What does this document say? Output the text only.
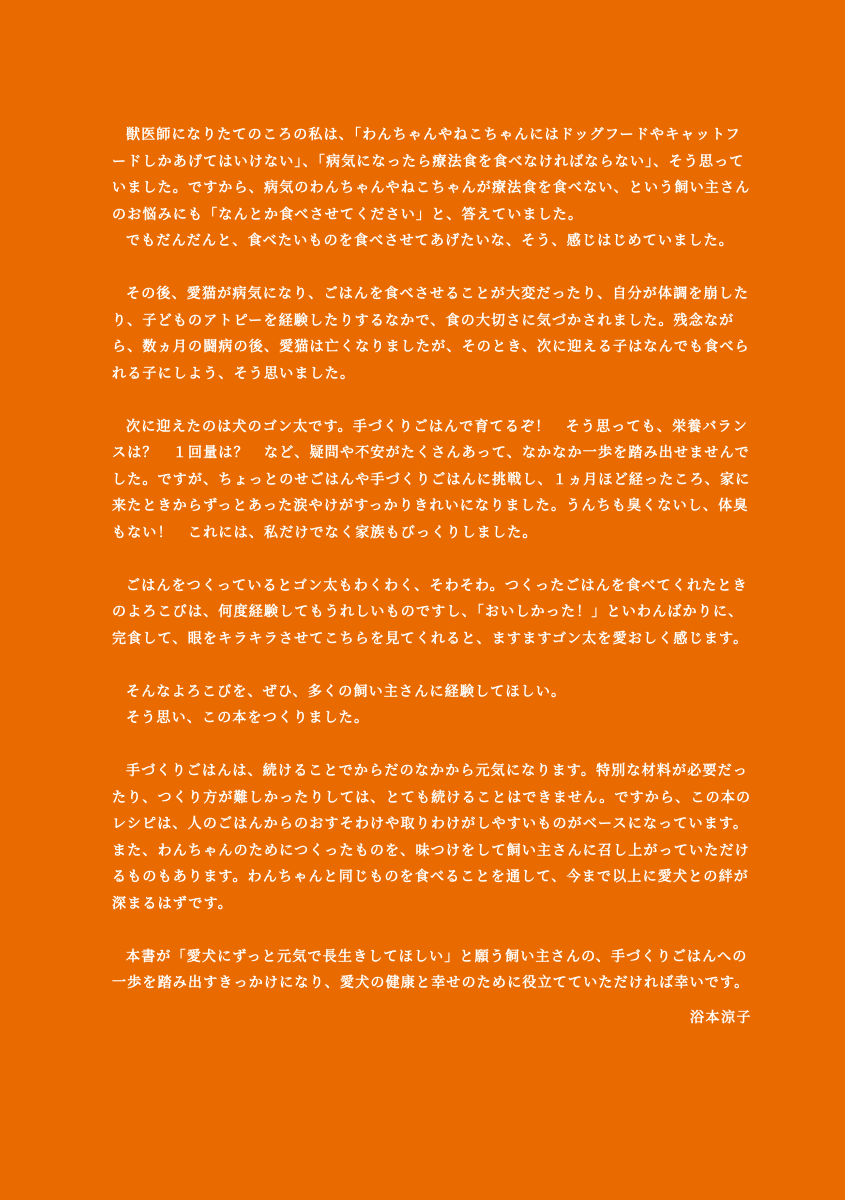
獣医師になりたてのころの私は、「わんちゃんやねこちゃんにはドッグフードやキャットフードしかあげてはいけない」、「病気になったら療法食を食べなければならない」、そう思っていました。ですから、病気のわんちゃんやねこちゃんが療法食を食べない、という飼い主さんのお悩みにも「なんとか食べさせてください」と、答えていました。
でもだんだんと、食べたいものを食べさせてあげたいな、そう、感じはじめていました。

その後、愛猫が病気になり、ごはんを食べさせることが大変だったり、自分が体調を崩したり、子どものアトピーを経験したりするなかで、食の大切さに気づかされました。残念ながら、数ヵ月の闘病の後、愛猫は亡くなりましたが、そのとき、次に迎える子はなんでも食べられる子にしよう、そう思いました。

次に迎えたのは犬のゴン太です。手づくりごはんで育てるぞ！　そう思っても、栄養バランスは？　１回量は？　など、疑問や不安がたくさんあって、なかなか一歩を踏み出せませんでした。ですが、ちょっとのせごはんや手づくりごはんに挑戦し、１ヵ月ほど経ったころ、家に来たときからずっとあった涙やけがすっかりきれいになりました。うんちも臭くないし、体臭もない！　これには、私だけでなく家族もびっくりしました。

ごはんをつくっているとゴン太もわくわく、そわそわ。つくったごはんを食べてくれたときのよろこびは、何度経験してもうれしいものですし、「おいしかった！」といわんばかりに、完食して、眼をキラキラさせてこちらを見てくれると、ますますゴン太を愛おしく感じます。

そんなよろこびを、ぜひ、多くの飼い主さんに経験してほしい。
そう思い、この本をつくりました。

手づくりごはんは、続けることでからだのなかから元気になります。特別な材料が必要だったり、つくり方が難しかったりしては、とても続けることはできません。ですから、この本のレシピは、人のごはんからのおすそわけや取りわけがしやすいものがベースになっています。また、わんちゃんのためにつくったものを、味つけをして飼い主さんに召し上がっていただけるものもあります。わんちゃんと同じものを食べることを通して、今まで以上に愛犬との絆が深まるはずです。

本書が「愛犬にずっと元気で長生きしてほしい」と願う飼い主さんの、手づくりごはんへの一歩を踏み出すきっかけになり、愛犬の健康と幸せのために役立てていただければ幸いです。

浴本涼子
